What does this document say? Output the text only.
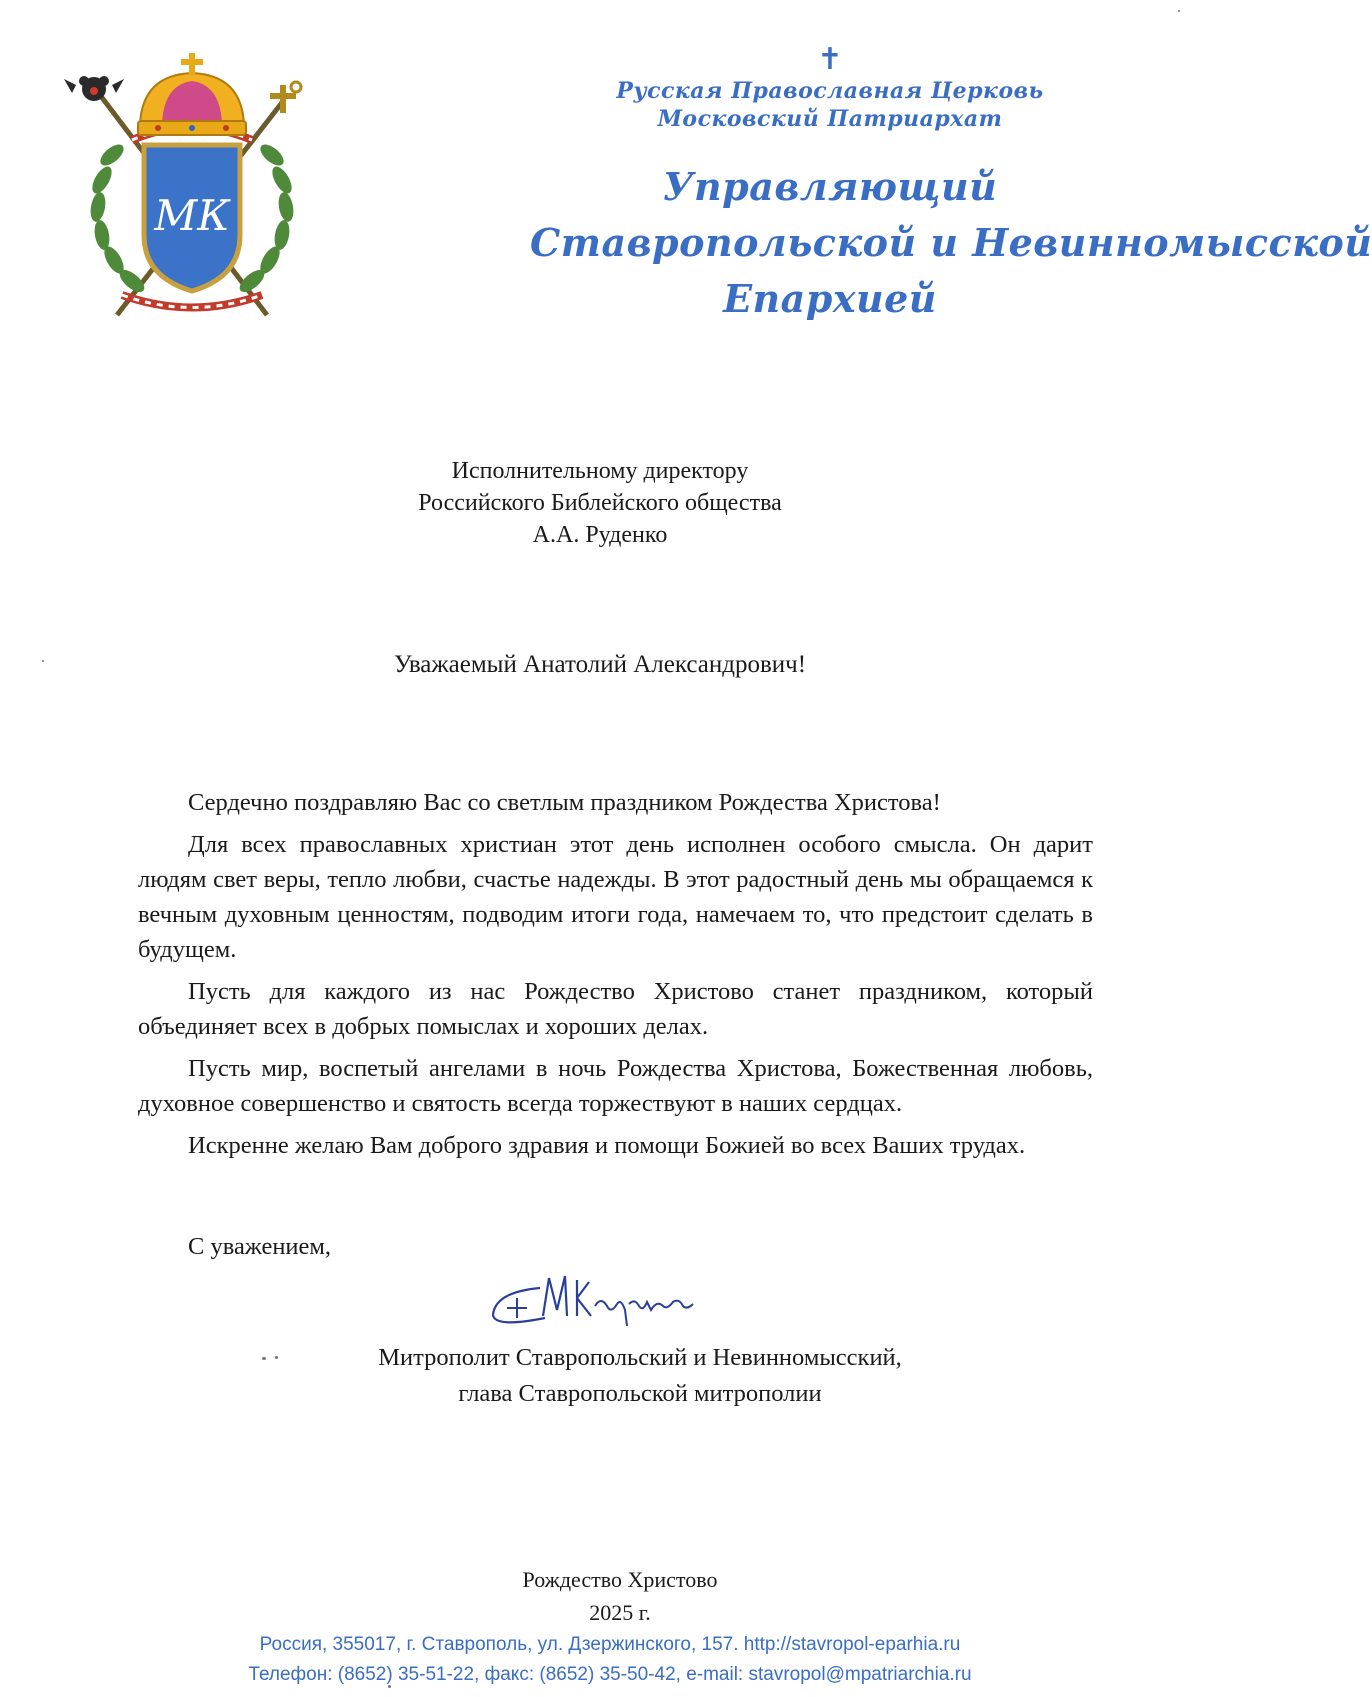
МК
✝
Русская Православная Церковь
Московский Патриархат
Управляющий
Ставропольской и Невинномысской
Епархией
Исполнительному директору
Российского Библейского общества
А.А. Руденко
Уважаемый Анатолий Александрович!

Сердечно поздравляю Вас со светлым праздником Рождества Христова!

Для всех православных христиан этот день исполнен особого смысла. Он дарит людям свет веры, тепло любви, счастье надежды. В этот радостный день мы обращаемся к вечным духовным ценностям, подводим итоги года, намечаем то, что предстоит сделать в будущем.

Пусть для каждого из нас Рождество Христово станет праздником, который объединяет всех в добрых помыслах и хороших делах.

Пусть мир, воспетый ангелами в ночь Рождества Христова, Божественная любовь, духовное совершенство и святость всегда торжествуют в наших сердцах.

Искренне желаю Вам доброго здравия и помощи Божией во всех Ваших трудах.

С уважением,
Митрополит Ставропольский и Невинномысский,
глава Ставропольской митрополии
Рождество Христово
2025 г.
Россия, 355017, г. Ставрополь, ул. Дзержинского, 157. http://stavropol-eparhia.ru
Телефон: (8652) 35-51-22, факс: (8652) 35-50-42, e-mail: stavropol@mpatriarchia.ru
